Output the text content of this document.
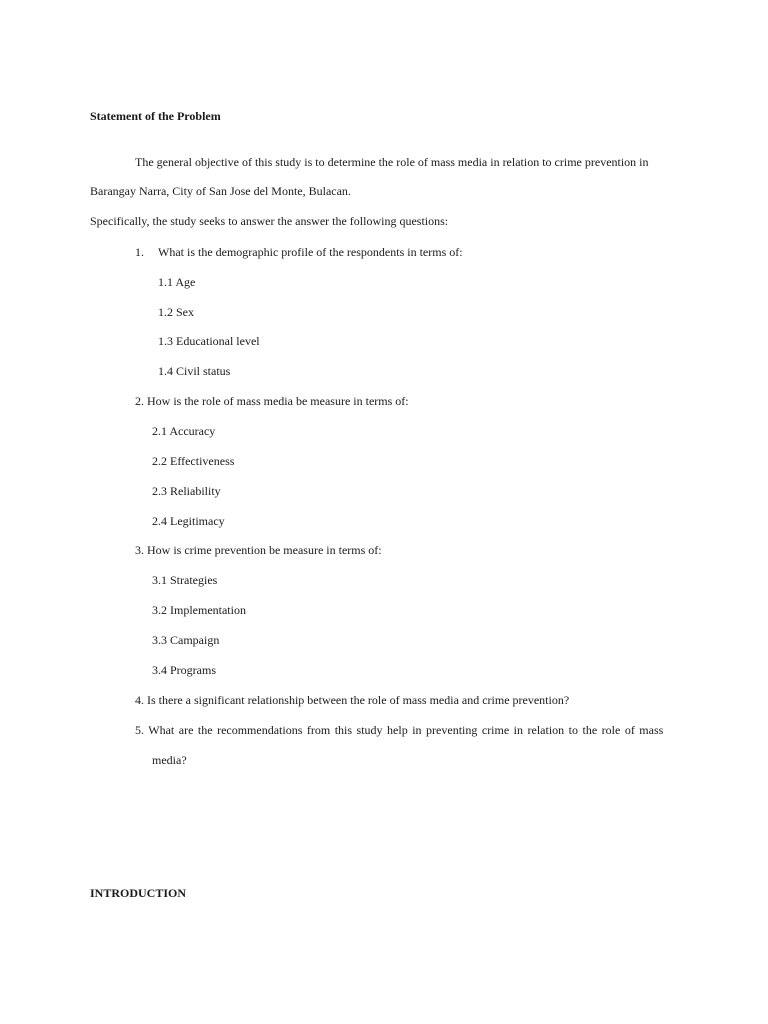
Statement of the Problem
The general objective of this study is to determine the role of mass media in relation to crime prevention in
Barangay Narra, City of San Jose del Monte, Bulacan.
Specifically, the study seeks to answer the answer the following questions:
1. What is the demographic profile of the respondents in terms of:
1.1 Age
1.2 Sex
1.3 Educational level
1.4 Civil status
2. How is the role of mass media be measure in terms of:
2.1 Accuracy
2.2 Effectiveness
2.3 Reliability
2.4 Legitimacy
3. How is crime prevention be measure in terms of:
3.1 Strategies
3.2 Implementation
3.3 Campaign
3.4 Programs
4. Is there a significant relationship between the role of mass media and crime prevention?
5. What are the recommendations from this study help in preventing crime in relation to the role of mass
media?
INTRODUCTION
